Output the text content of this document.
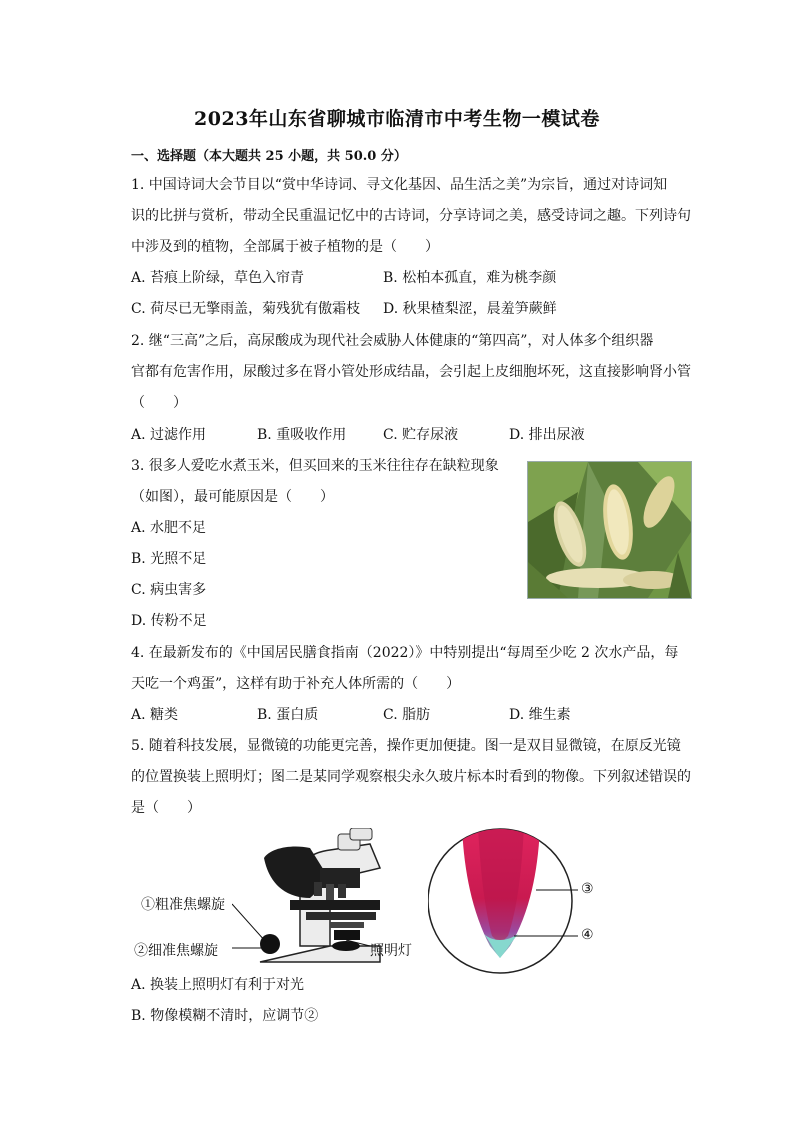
2023年山东省聊城市临清市中考生物一模试卷
一、选择题（本大题共 25 小题，共 50.0 分）
1. 中国诗词大会节目以“赏中华诗词、寻文化基因、品生活之美”为宗旨，通过对诗词知
识的比拼与赏析，带动全民重温记忆中的古诗词，分享诗词之美，感受诗词之趣。下列诗句
中涉及到的植物，全部属于被子植物的是（　　）
A. 苔痕上阶绿，草色入帘青	B. 松柏本孤直，难为桃李颜
C. 荷尽已无擎雨盖，菊残犹有傲霜枝 D. 秋果楂梨涩，晨羞笋蕨鲜
2. 继“三高”之后，高尿酸成为现代社会威胁人体健康的“第四高”，对人体多个组织器
官都有危害作用，尿酸过多在肾小管处形成结晶，会引起上皮细胞坏死，这直接影响肾小管
（　　）
A. 过滤作用	B. 重吸收作用	C. 贮存尿液	D. 排出尿液
3. 很多人爱吃水煮玉米，但买回来的玉米往往存在缺粒现象
（如图），最可能原因是（　　）
A. 水肥不足
B. 光照不足
C. 病虫害多
D. 传粉不足
4. 在最新发布的《中国居民膳食指南（2022）》中特别提出“每周至少吃 2 次水产品，每
天吃一个鸡蛋”，这样有助于补充人体所需的（　　）
A. 糖类	B. 蛋白质	C. 脂肪	D. 维生素
5. 随着科技发展，显微镜的功能更完善，操作更加便捷。图一是双目显微镜，在原反光镜
的位置换装上照明灯；图二是某同学观察根尖永久玻片标本时看到的物像。下列叙述错误的
是（　　）
①粗准焦螺旋
②细准焦螺旋	照明灯
③
④
A. 换装上照明灯有利于对光
B. 物像模糊不清时，应调节②
